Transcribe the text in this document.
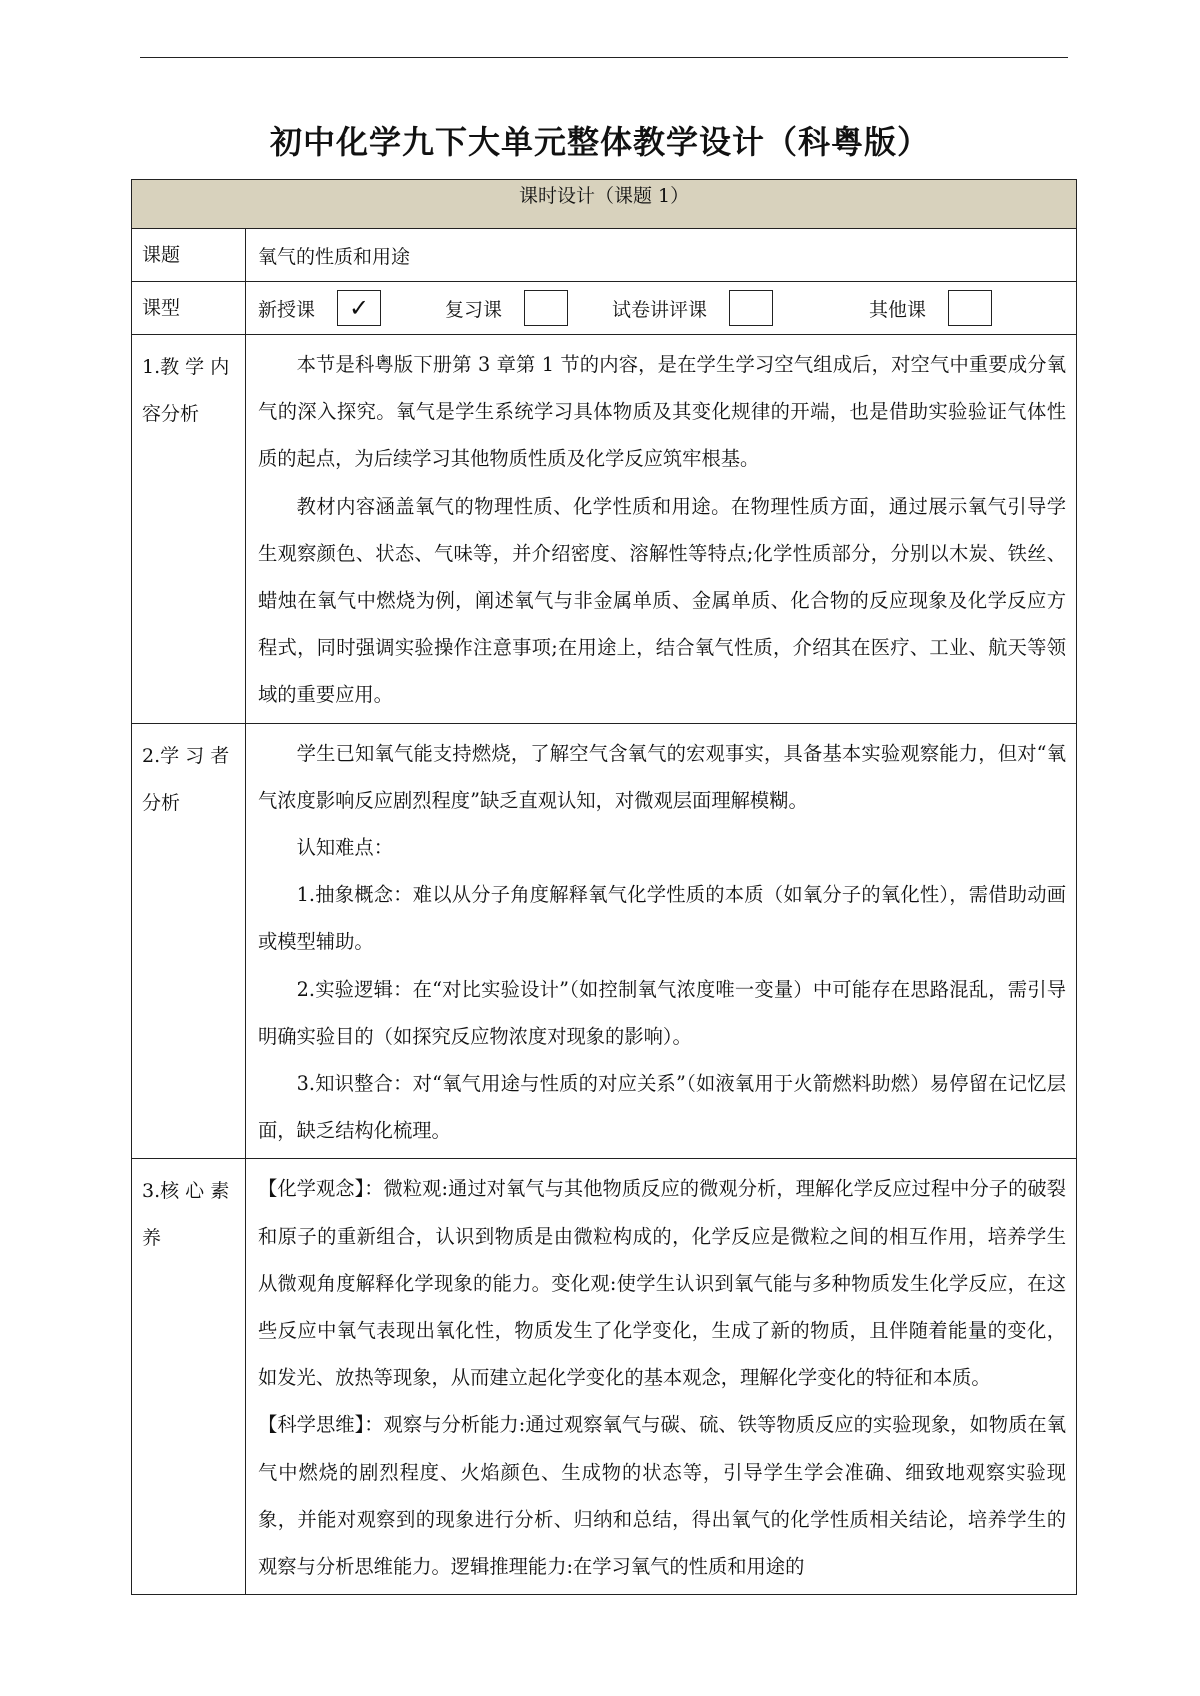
初中化学九下大单元整体教学设计（科粤版）
课时设计（课题 1）	
课题	氧气的性质和用途
课型	新授课 ✓ 复习课 试卷讲评课 其他课

1.教 学 内 容分析	本节是科粤版下册第 3 章第 1 节的内容，是在学生学习空气组成后，对空气中重要成分氧气的深入探究。氧气是学生系统学习具体物质及其变化规律的开端，也是借助实验验证气体性质的起点，为后续学习其他物质性质及化学反应筑牢根基。

教材内容涵盖氧气的物理性质、化学性质和用途。在物理性质方面，通过展示氧气引导学生观察颜色、状态、气味等，并介绍密度、溶解性等特点;化学性质部分，分别以木炭、铁丝、蜡烛在氧气中燃烧为例，阐述氧气与非金属单质、金属单质、化合物的反应现象及化学反应方程式，同时强调实验操作注意事项;在用途上，结合氧气性质，介绍其在医疗、工业、航天等领域的重要应用。

2.学 习 者 分析	学生已知氧气能支持燃烧，了解空气含氧气的宏观事实，具备基本实验观察能力，但对“氧气浓度影响反应剧烈程度”缺乏直观认知，对微观层面理解模糊。

认知难点：

1.抽象概念：难以从分子角度解释氧气化学性质的本质（如氧分子的氧化性），需借助动画或模型辅助。

2.实验逻辑：在“对比实验设计”（如控制氧气浓度唯一变量）中可能存在思路混乱，需引导明确实验目的（如探究反应物浓度对现象的影响）。

3.知识整合：对“氧气用途与性质的对应关系”（如液氧用于火箭燃料助燃）易停留在记忆层面，缺乏结构化梳理。

3.核 心 素 养	【化学观念】：微粒观:通过对氧气与其他物质反应的微观分析，理解化学反应过程中分子的破裂和原子的重新组合，认识到物质是由微粒构成的，化学反应是微粒之间的相互作用，培养学生从微观角度解释化学现象的能力。变化观:使学生认识到氧气能与多种物质发生化学反应，在这些反应中氧气表现出氧化性，物质发生了化学变化，生成了新的物质，且伴随着能量的变化，如发光、放热等现象，从而建立起化学变化的基本观念，理解化学变化的特征和本质。

【科学思维】：观察与分析能力:通过观察氧气与碳、硫、铁等物质反应的实验现象，如物质在氧气中燃烧的剧烈程度、火焰颜色、生成物的状态等，引导学生学会准确、细致地观察实验现象，并能对观察到的现象进行分析、归纳和总结，得出氧气的化学性质相关结论，培养学生的观察与分析思维能力。逻辑推理能力:在学习氧气的性质和用途的
